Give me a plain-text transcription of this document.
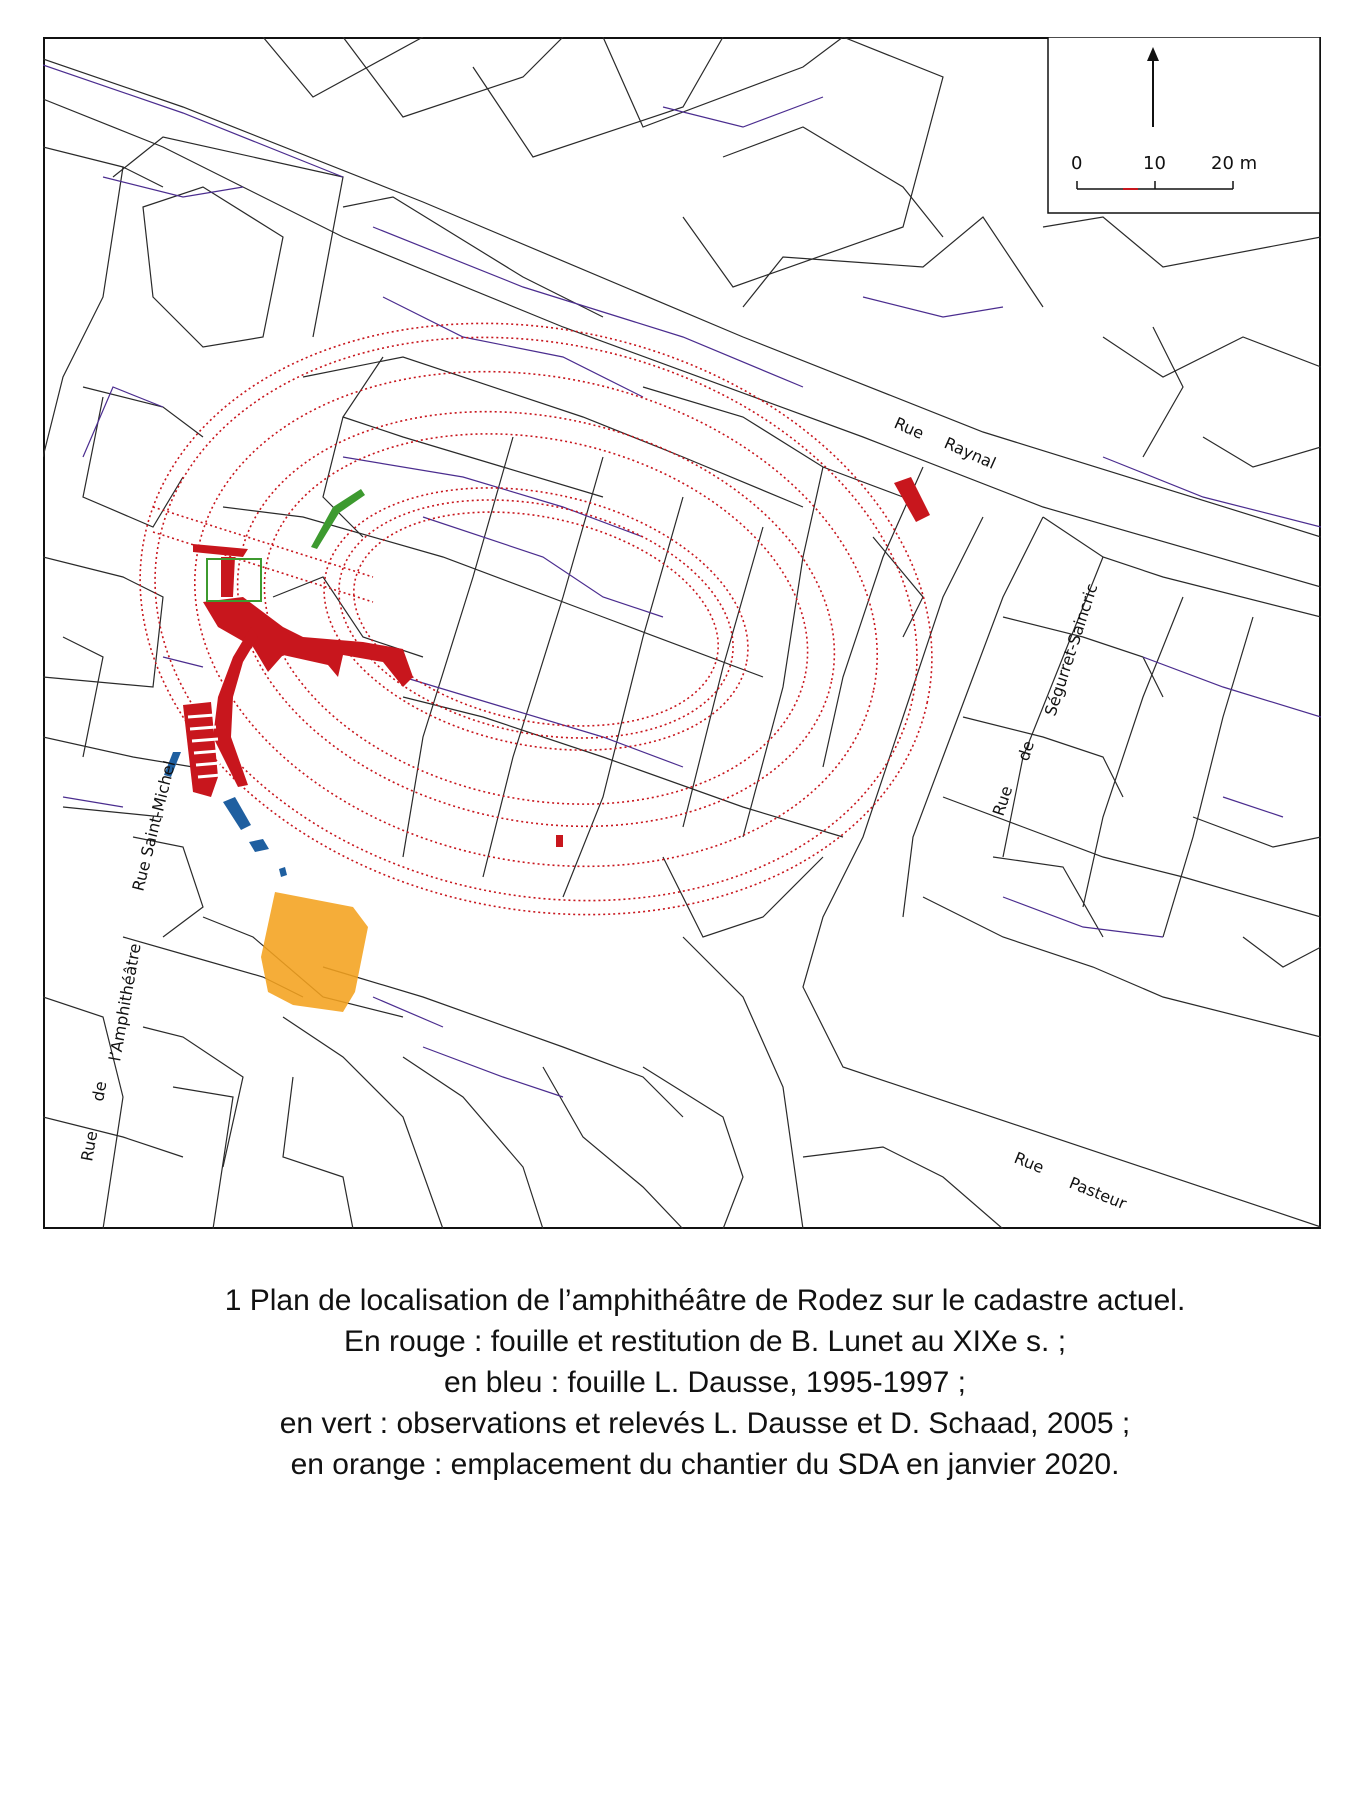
Rue
Raynal
Rue
de
Ségurret-Saincric
Rue Saint-Michel
Rue
de
l’Amphithéâtre
Rue
Pasteur
0	10	20 m
1 Plan de localisation de l’amphithéâtre de Rodez sur le cadastre actuel.
En rouge : fouille et restitution de B. Lunet au XIXe s. ;
en bleu : fouille L. Dausse, 1995-1997 ;
en vert : observations et relevés L. Dausse et D. Schaad, 2005 ;
en orange : emplacement du chantier du SDA en janvier 2020.
